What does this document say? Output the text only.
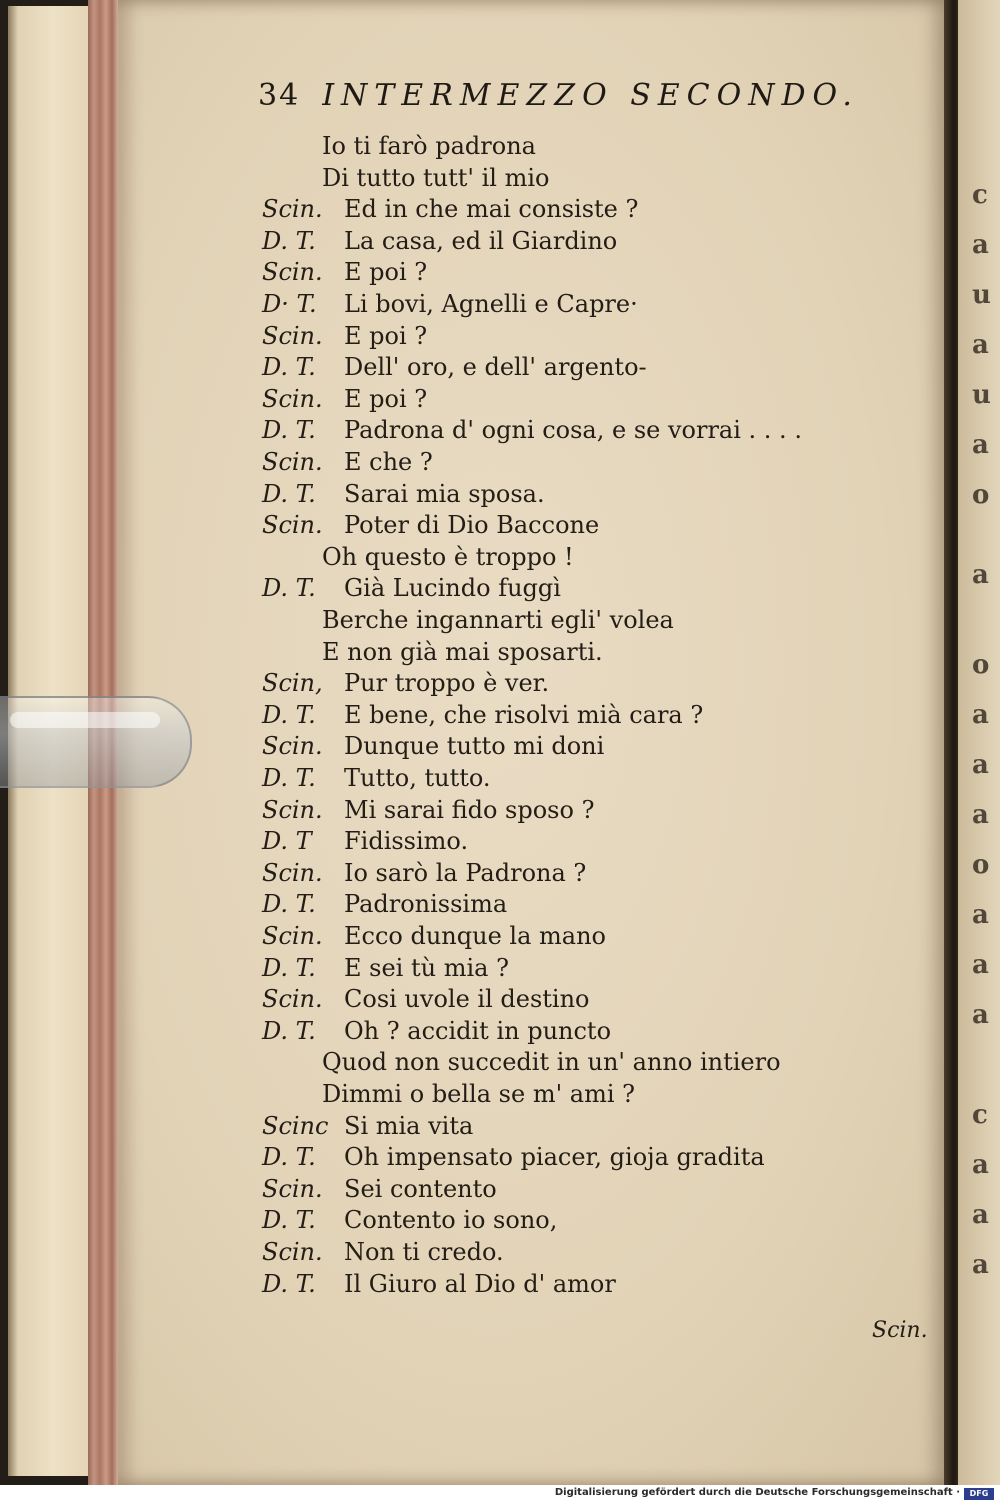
c
a
u
a
u
a
o
a
o
a
a
a
o
a
a
a
c
a
a
a
34 INTERMEZZO SECONDO.
Io ti farò padrona
Di tutto tutt' il mio
Scin. Ed in che mai consiste ?
D. T. La casa, ed il Giardino
Scin. E poi ?
D· T. Li bovi, Agnelli e Capre·
Scin. E poi ?
D. T. Dell' oro, e dell' argento-
Scin. E poi ?
D. T. Padrona d' ogni cosa, e se vorrai . . . .
Scin. E che ?
D. T. Sarai mia sposa.
Scin. Poter di Dio Baccone
Oh questo è troppo !
D. T. Già Lucindo fuggì
Berche ingannarti egli' volea
E non già mai sposarti.
Scin, Pur troppo è ver.
D. T. E bene, che risolvi mià cara ?
Scin. Dunque tutto mi doni
D. T. Tutto, tutto.
Scin. Mi sarai fido sposo ?
D. T Fidissimo.
Scin. Io sarò la Padrona ?
D. T. Padronissima
Scin. Ecco dunque la mano
D. T. E sei tù mia ?
Scin. Cosi uvole il destino
D. T. Oh ? accidit in puncto
Quod non succedit in un' anno intiero
Dimmi o bella se m' ami ?
Scinc Si mia vita
D. T. Oh impensato piacer, gioja gradita
Scin. Sei contento
D. T. Contento io sono,
Scin. Non ti credo.
D. T. Il Giuro al Dio d' amor
Scin.
Digitalisierung gefördert durch die Deutsche Forschungsgemeinschaft ·	DFG
